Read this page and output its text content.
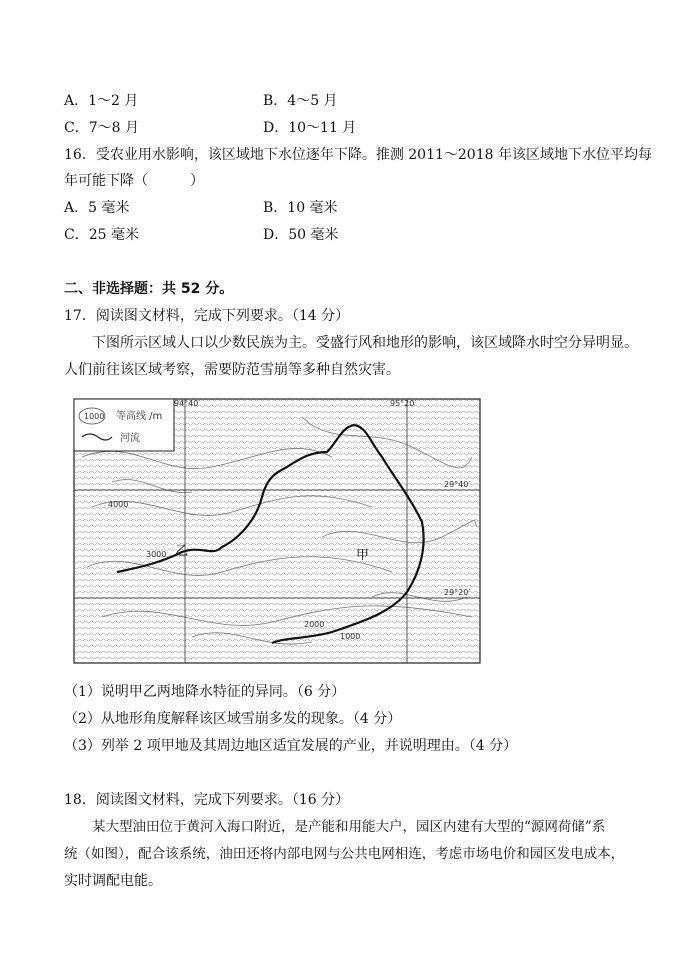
A．1～2 月	B．4～5 月
C．7～8 月	D．10～11 月
16．受农业用水影响，该区域地下水位逐年下降。推测 2011～2018 年该区域地下水位平均每
年可能下降（　　　）
A．5 毫米	B．10 毫米
C．25 毫米	D．50 毫米
二、非选择题：共 52 分。
17．阅读图文材料，完成下列要求。（14 分）
下图所示区域人口以少数民族为主。受盛行风和地形的影响，该区域降水时空分异明显。
人们前往该区域考察，需要防范雪崩等多种自然灾害。
1000 等高线 /m
河流
94°40′	95°20′
29°40′
29°20′
甲
乙
3000
4000
2000
1000
（1）说明甲乙两地降水特征的异同。（6 分）
（2）从地形角度解释该区域雪崩多发的现象。（4 分）
（3）列举 2 项甲地及其周边地区适宜发展的产业，并说明理由。（4 分）
18．阅读图文材料，完成下列要求。（16 分）
某大型油田位于黄河入海口附近，是产能和用能大户，园区内建有大型的“源网荷储”系
统（如图），配合该系统，油田还将内部电网与公共电网相连，考虑市场电价和园区发电成本，
实时调配电能。
